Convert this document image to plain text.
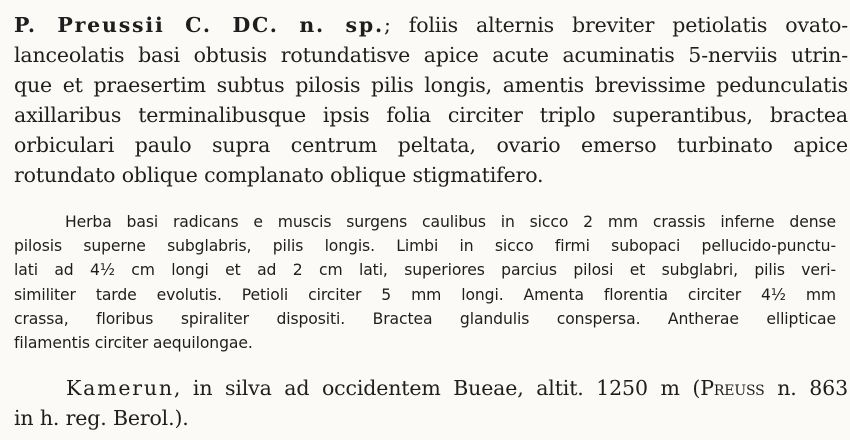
P. Preussii C. DC. n. sp.; foliis alternis breviter petiolatis ovato-
lanceolatis basi obtusis rotundatisve apice acute acuminatis 5-nerviis utrin-
que et praesertim subtus pilosis pilis longis, amentis brevissime pedunculatis
axillaribus terminalibusque ipsis folia circiter triplo superantibus, bractea
orbiculari paulo supra centrum peltata, ovario emerso turbinato apice
rotundato oblique complanato oblique stigmatifero.

Herba basi radicans e muscis surgens caulibus in sicco 2 mm crassis inferne dense
pilosis superne subglabris, pilis longis. Limbi in sicco firmi subopaci pellucido-punctu-
lati ad 4½ cm longi et ad 2 cm lati, superiores parcius pilosi et subglabri, pilis veri-
similiter tarde evolutis. Petioli circiter 5 mm longi. Amenta florentia circiter 4½ mm
crassa, floribus spiraliter dispositi. Bractea glandulis conspersa. Antherae ellipticae
filamentis circiter aequilongae.

Kamerun, in silva ad occidentem Bueae, altit. 1250 m (Preuss n. 863
in h. reg. Berol.).
